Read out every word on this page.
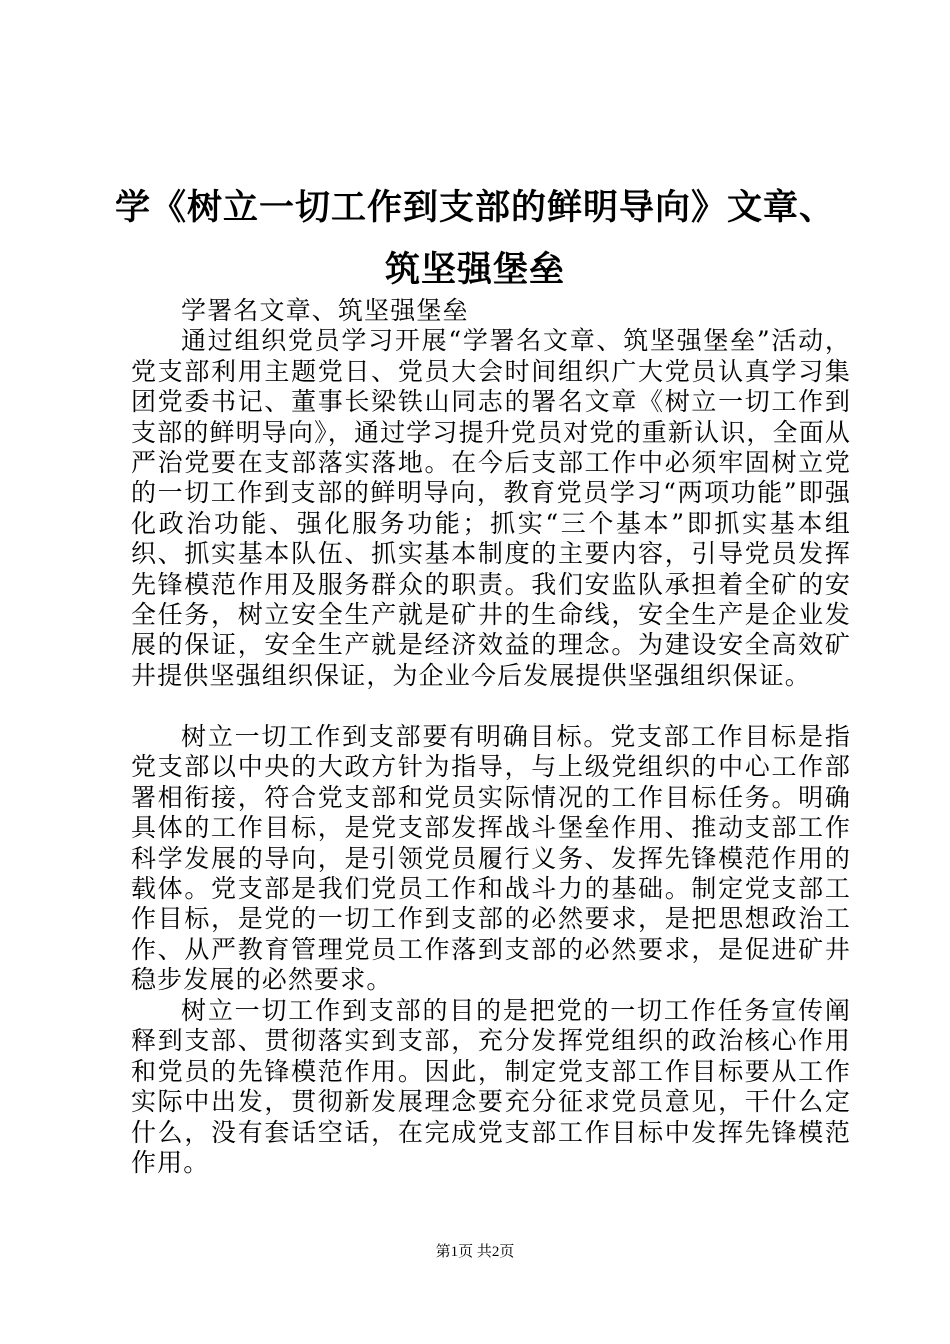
学《树立一切工作到支部的鲜明导向》文章、
筑坚强堡垒

学署名文章、筑坚强堡垒

通过组织党员学习开展“学署名文章、筑坚强堡垒”活动，党支部利用主题党日、党员大会时间组织广大党员认真学习集团党委书记、董事长梁铁山同志的署名文章《树立一切工作到支部的鲜明导向》，通过学习提升党员对党的重新认识，全面从严治党要在支部落实落地。在今后支部工作中必须牢固树立党的一切工作到支部的鲜明导向，教育党员学习“两项功能”即强化政治功能、强化服务功能；抓实“三个基本”即抓实基本组织、抓实基本队伍、抓实基本制度的主要内容，引导党员发挥先锋模范作用及服务群众的职责。我们安监队承担着全矿的安全任务，树立安全生产就是矿井的生命线，安全生产是企业发展的保证，安全生产就是经济效益的理念。为建设安全高效矿井提供坚强组织保证，为企业今后发展提供坚强组织保证。

树立一切工作到支部要有明确目标。党支部工作目标是指党支部以中央的大政方针为指导，与上级党组织的中心工作部署相衔接，符合党支部和党员实际情况的工作目标任务。明确具体的工作目标，是党支部发挥战斗堡垒作用、推动支部工作科学发展的导向，是引领党员履行义务、发挥先锋模范作用的载体。党支部是我们党员工作和战斗力的基础。制定党支部工作目标，是党的一切工作到支部的必然要求，是把思想政治工作、从严教育管理党员工作落到支部的必然要求，是促进矿井稳步发展的必然要求。

树立一切工作到支部的目的是把党的一切工作任务宣传阐释到支部、贯彻落实到支部，充分发挥党组织的政治核心作用和党员的先锋模范作用。因此，制定党支部工作目标要从工作实际中出发，贯彻新发展理念要充分征求党员意见，干什么定什么，没有套话空话，在完成党支部工作目标中发挥先锋模范作用。

第1页 共2页
